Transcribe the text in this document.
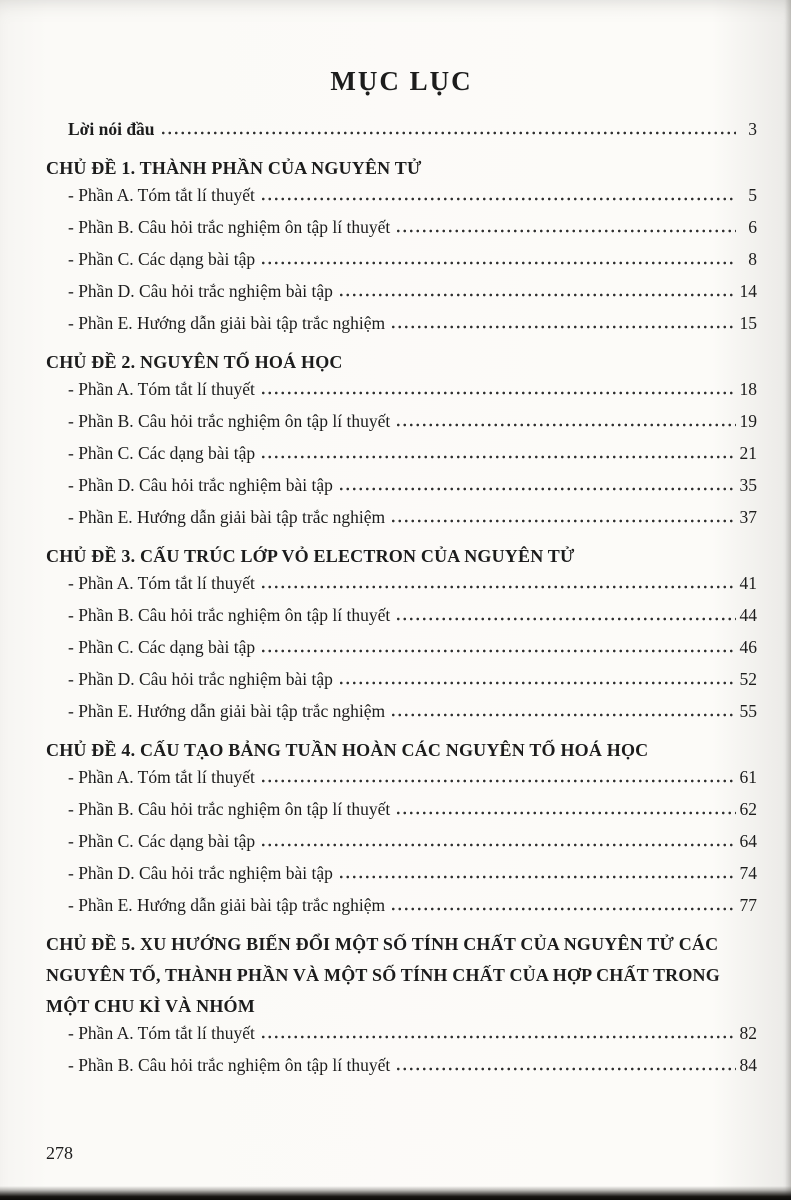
MỤC LỤC
Lời nói đầu	3
CHỦ ĐỀ 1. THÀNH PHẦN CỦA NGUYÊN TỬ
- Phần A. Tóm tắt lí thuyết	5
- Phần B. Câu hỏi trắc nghiệm ôn tập lí thuyết	6
- Phần C. Các dạng bài tập	8
- Phần D. Câu hỏi trắc nghiệm bài tập	14
- Phần E. Hướng dẫn giải bài tập trắc nghiệm	15
CHỦ ĐỀ 2. NGUYÊN TỐ HOÁ HỌC
- Phần A. Tóm tắt lí thuyết	18
- Phần B. Câu hỏi trắc nghiệm ôn tập lí thuyết	19
- Phần C. Các dạng bài tập	21
- Phần D. Câu hỏi trắc nghiệm bài tập	35
- Phần E. Hướng dẫn giải bài tập trắc nghiệm	37
CHỦ ĐỀ 3. CẤU TRÚC LỚP VỎ ELECTRON CỦA NGUYÊN TỬ
- Phần A. Tóm tắt lí thuyết	41
- Phần B. Câu hỏi trắc nghiệm ôn tập lí thuyết	44
- Phần C. Các dạng bài tập	46
- Phần D. Câu hỏi trắc nghiệm bài tập	52
- Phần E. Hướng dẫn giải bài tập trắc nghiệm	55
CHỦ ĐỀ 4. CẤU TẠO BẢNG TUẦN HOÀN CÁC NGUYÊN TỐ HOÁ HỌC
- Phần A. Tóm tắt lí thuyết	61
- Phần B. Câu hỏi trắc nghiệm ôn tập lí thuyết	62
- Phần C. Các dạng bài tập	64
- Phần D. Câu hỏi trắc nghiệm bài tập	74
- Phần E. Hướng dẫn giải bài tập trắc nghiệm	77
CHỦ ĐỀ 5. XU HƯỚNG BIẾN ĐỔI MỘT SỐ TÍNH CHẤT CỦA NGUYÊN TỬ CÁC NGUYÊN TỐ, THÀNH PHẦN VÀ MỘT SỐ TÍNH CHẤT CỦA HỢP CHẤT TRONG MỘT CHU KÌ VÀ NHÓM
- Phần A. Tóm tắt lí thuyết	82
- Phần B. Câu hỏi trắc nghiệm ôn tập lí thuyết	84
278
